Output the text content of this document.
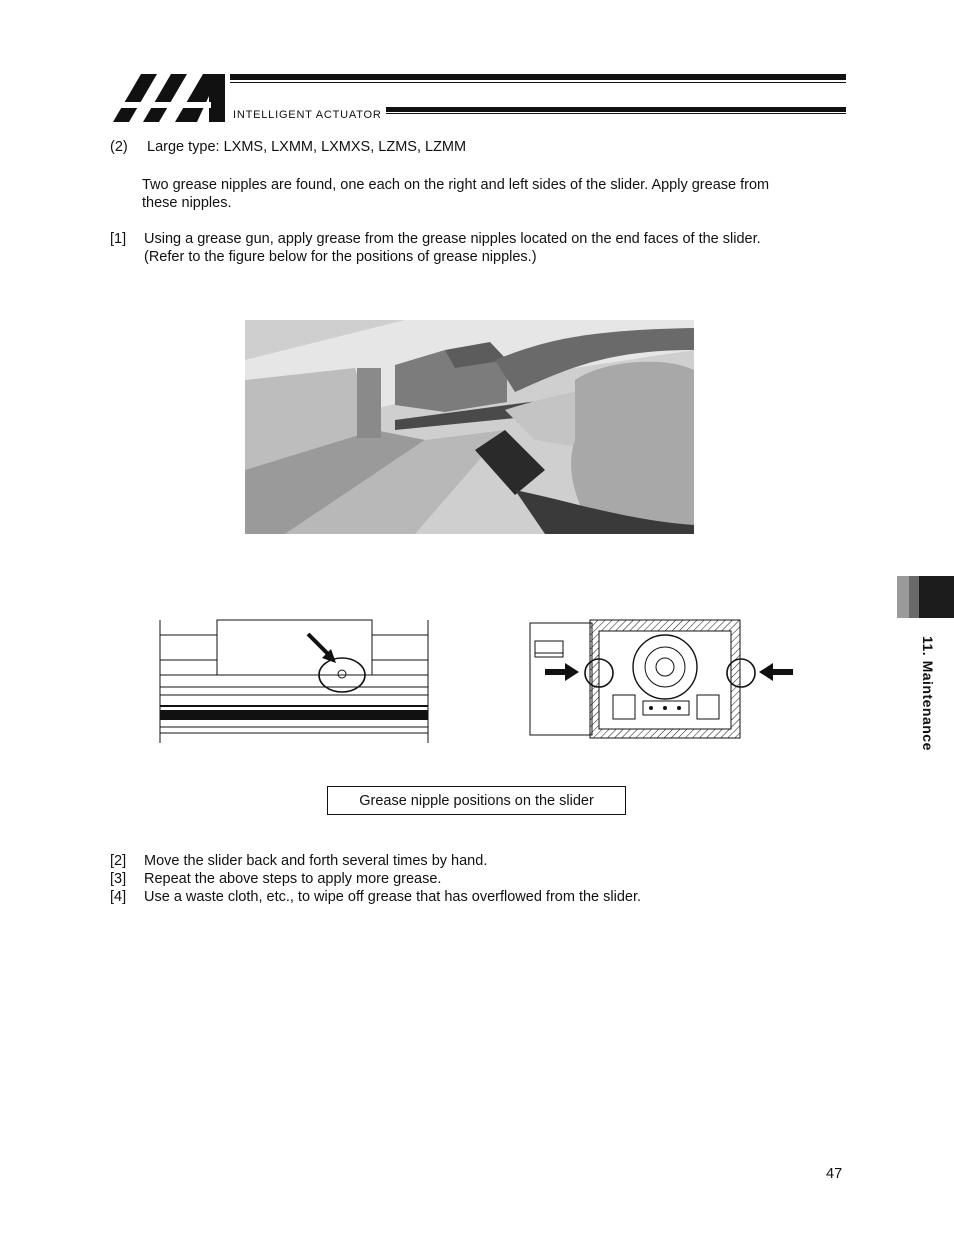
INTELLIGENT ACTUATOR
(2) Large type: LXMS, LXMM, LXMXS, LZMS, LZMM
Two grease nipples are found, one each on the right and left sides of the slider. Apply grease from
these nipples.
[1] Using a grease gun, apply grease from the grease nipples located on the end faces of the slider.
(Refer to the figure below for the positions of grease nipples.)
Grease nipple positions on the slider
[2] Move the slider back and forth several times by hand.
[3] Repeat the above steps to apply more grease.
[4] Use a waste cloth, etc., to wipe off grease that has overflowed from the slider.
11. Maintenance
47
